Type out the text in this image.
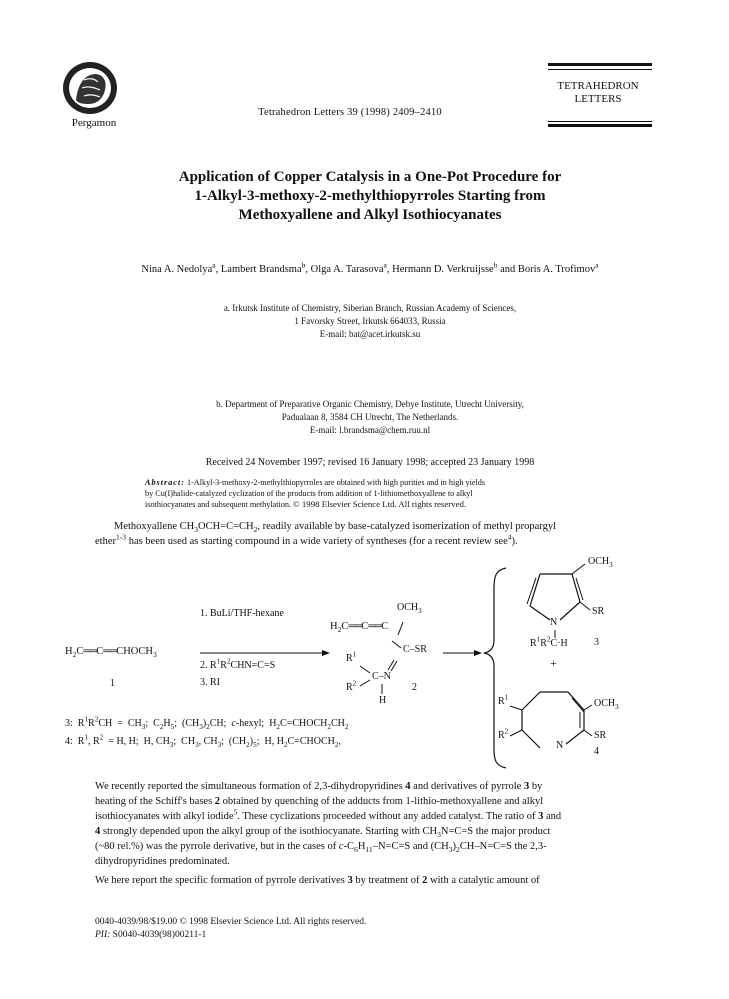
Pergamon
Tetrahedron Letters 39 (1998) 2409–2410
TETRAHEDRON
LETTERS
Application of Copper Catalysis in a One-Pot Procedure for
1-Alkyl-3-methoxy-2-methylthiopyrroles Starting from
Methoxyallene and Alkyl Isothiocyanates
Nina A. Nedolya$^a$, Lambert Brandsma$^b$, Olga A. Tarasova$^a$, Hermann D. Verkruijsse$^b$ and Boris A. Trofimov$^a$
a. Irkutsk Institute of Chemistry, Siberian Branch, Russian Academy of Sciences,
1 Favorsky Street, Irkutsk 664033, Russia
E-mail: bat@acet.irkutsk.su
b. Department of Preparative Organic Chemistry, Debye Institute, Utrecht University,
Padualaan 8, 3584 CH Utrecht, The Netherlands.
E-mail: l.brandsma@chem.ruu.nl
Received 24 November 1997; revised 16 January 1998; accepted 23 January 1998
Abstract: 1-Alkyl-3-methoxy-2-methylthiopyrroles are obtained with high purities and in high yields
by Cu(I)halide-catalyzed cyclization of the products from addition of 1-lithiomethoxyallene to alkyl
isothiocyanates and subsequent methylation. © 1998 Elsevier Science Ltd. All rights reserved.

Methoxyallene $CH_3OCH=C=CH_2$, readily available by base-catalyzed isomerization of methyl propargyl

ether$^{1-3}$ has been used as starting compound in a wide variety of syntheses (for a recent review see$^4$).
1. BuLi/THF-hexane
2. $R^1R^2CHN=C=S$
3. RI
$H_2C══C══CHOCH_3$
1
$OCH_3$
$H_2C══C══C$
C–SR
$R^1$
$R^2$
C–N
H
2
$OCH_3$
N
SR
$R^1R^2C\cdot H$	3
+
$OCH_3$
$R^1$
$R^2$
N
SR
4
3:  $R^1R^2CH = CH_3$;  $C_2H_5$;  $(CH_3)_2CH$;  c-hexyl;  $H_2C=CHOCH_2CH_2$
4:  $R^1$, $R^2 = H$, H;  H, $CH_3$;  $CH_3$, $CH_3$;  $(CH_2)_5$;  H, $H_2C=CHOCH_2$,
We recently reported the simultaneous formation of 2,3-dihydropyridines 4 and derivatives of pyrrole 3 by
heating of the Schiff's bases 2 obtained by quenching of the adducts from 1-lithio-methoxyallene and alkyl
isothiocyanates with alkyl iodide$^5$. These cyclizations proceeded without any added catalyst. The ratio of 3 and
4 strongly depended upon the alkyl group of the isothiocyanate. Starting with $CH_3N=C=S$ the major product
(~80 rel.%) was the pyrrole derivative, but in the cases of $c-C_6H_{11}-N=C=S$ and $(CH_3)_2CH-N=C=S$ the 2,3-
dihydropyridines predominated.
We here report the specific formation of pyrrole derivatives 3 by treatment of 2 with a catalytic amount of
0040-4039/98/$19.00 © 1998 Elsevier Science Ltd. All rights reserved.
PII: S0040-4039(98)00211-1
